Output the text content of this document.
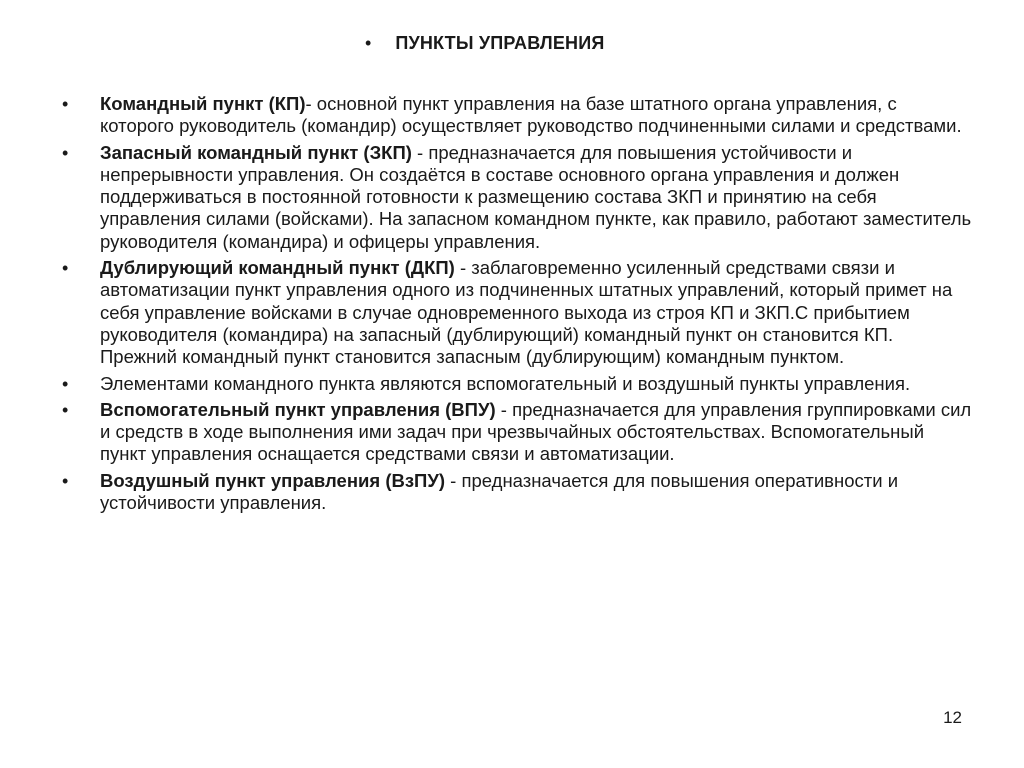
• ПУНКТЫ УПРАВЛЕНИЯ
• Командный пункт (КП)- основной пункт управления на базе штатного органа управления, с которого руководитель (командир) осуществляет руководство подчиненными силами и средствами.
• Запасный командный пункт (ЗКП) - предназначается для повышения устойчивости и непрерывности управления. Он создаётся в составе основного органа управления и должен поддерживаться в постоянной готовности к размещению состава ЗКП и принятию на себя управления силами (войсками). На запасном командном пункте, как правило, работают заместитель руководителя (командира) и офицеры управления.
• Дублирующий командный пункт (ДКП) - заблаговременно усиленный средствами связи и автоматизации пункт управления одного из подчиненных штатных управлений, который примет на себя управление войсками в случае одновременного выхода из строя КП и ЗКП.С прибытием руководителя (командира) на запасный (дублирующий) командный пункт он становится КП. Прежний командный пункт становится запасным (дублирующим) командным пунктом.
• Элементами командного пункта являются вспомогательный и воздушный пункты управления.
• Вспомогательный пункт управления (ВПУ) - предназначается для управления группировками сил и средств в ходе выполнения ими задач при чрезвычайных обстоятельствах. Вспомогательный пункт управления оснащается средствами связи и автоматизации.
• Воздушный пункт управления (ВзПУ) - предназначается для повышения оперативности и устойчивости управления.
12
